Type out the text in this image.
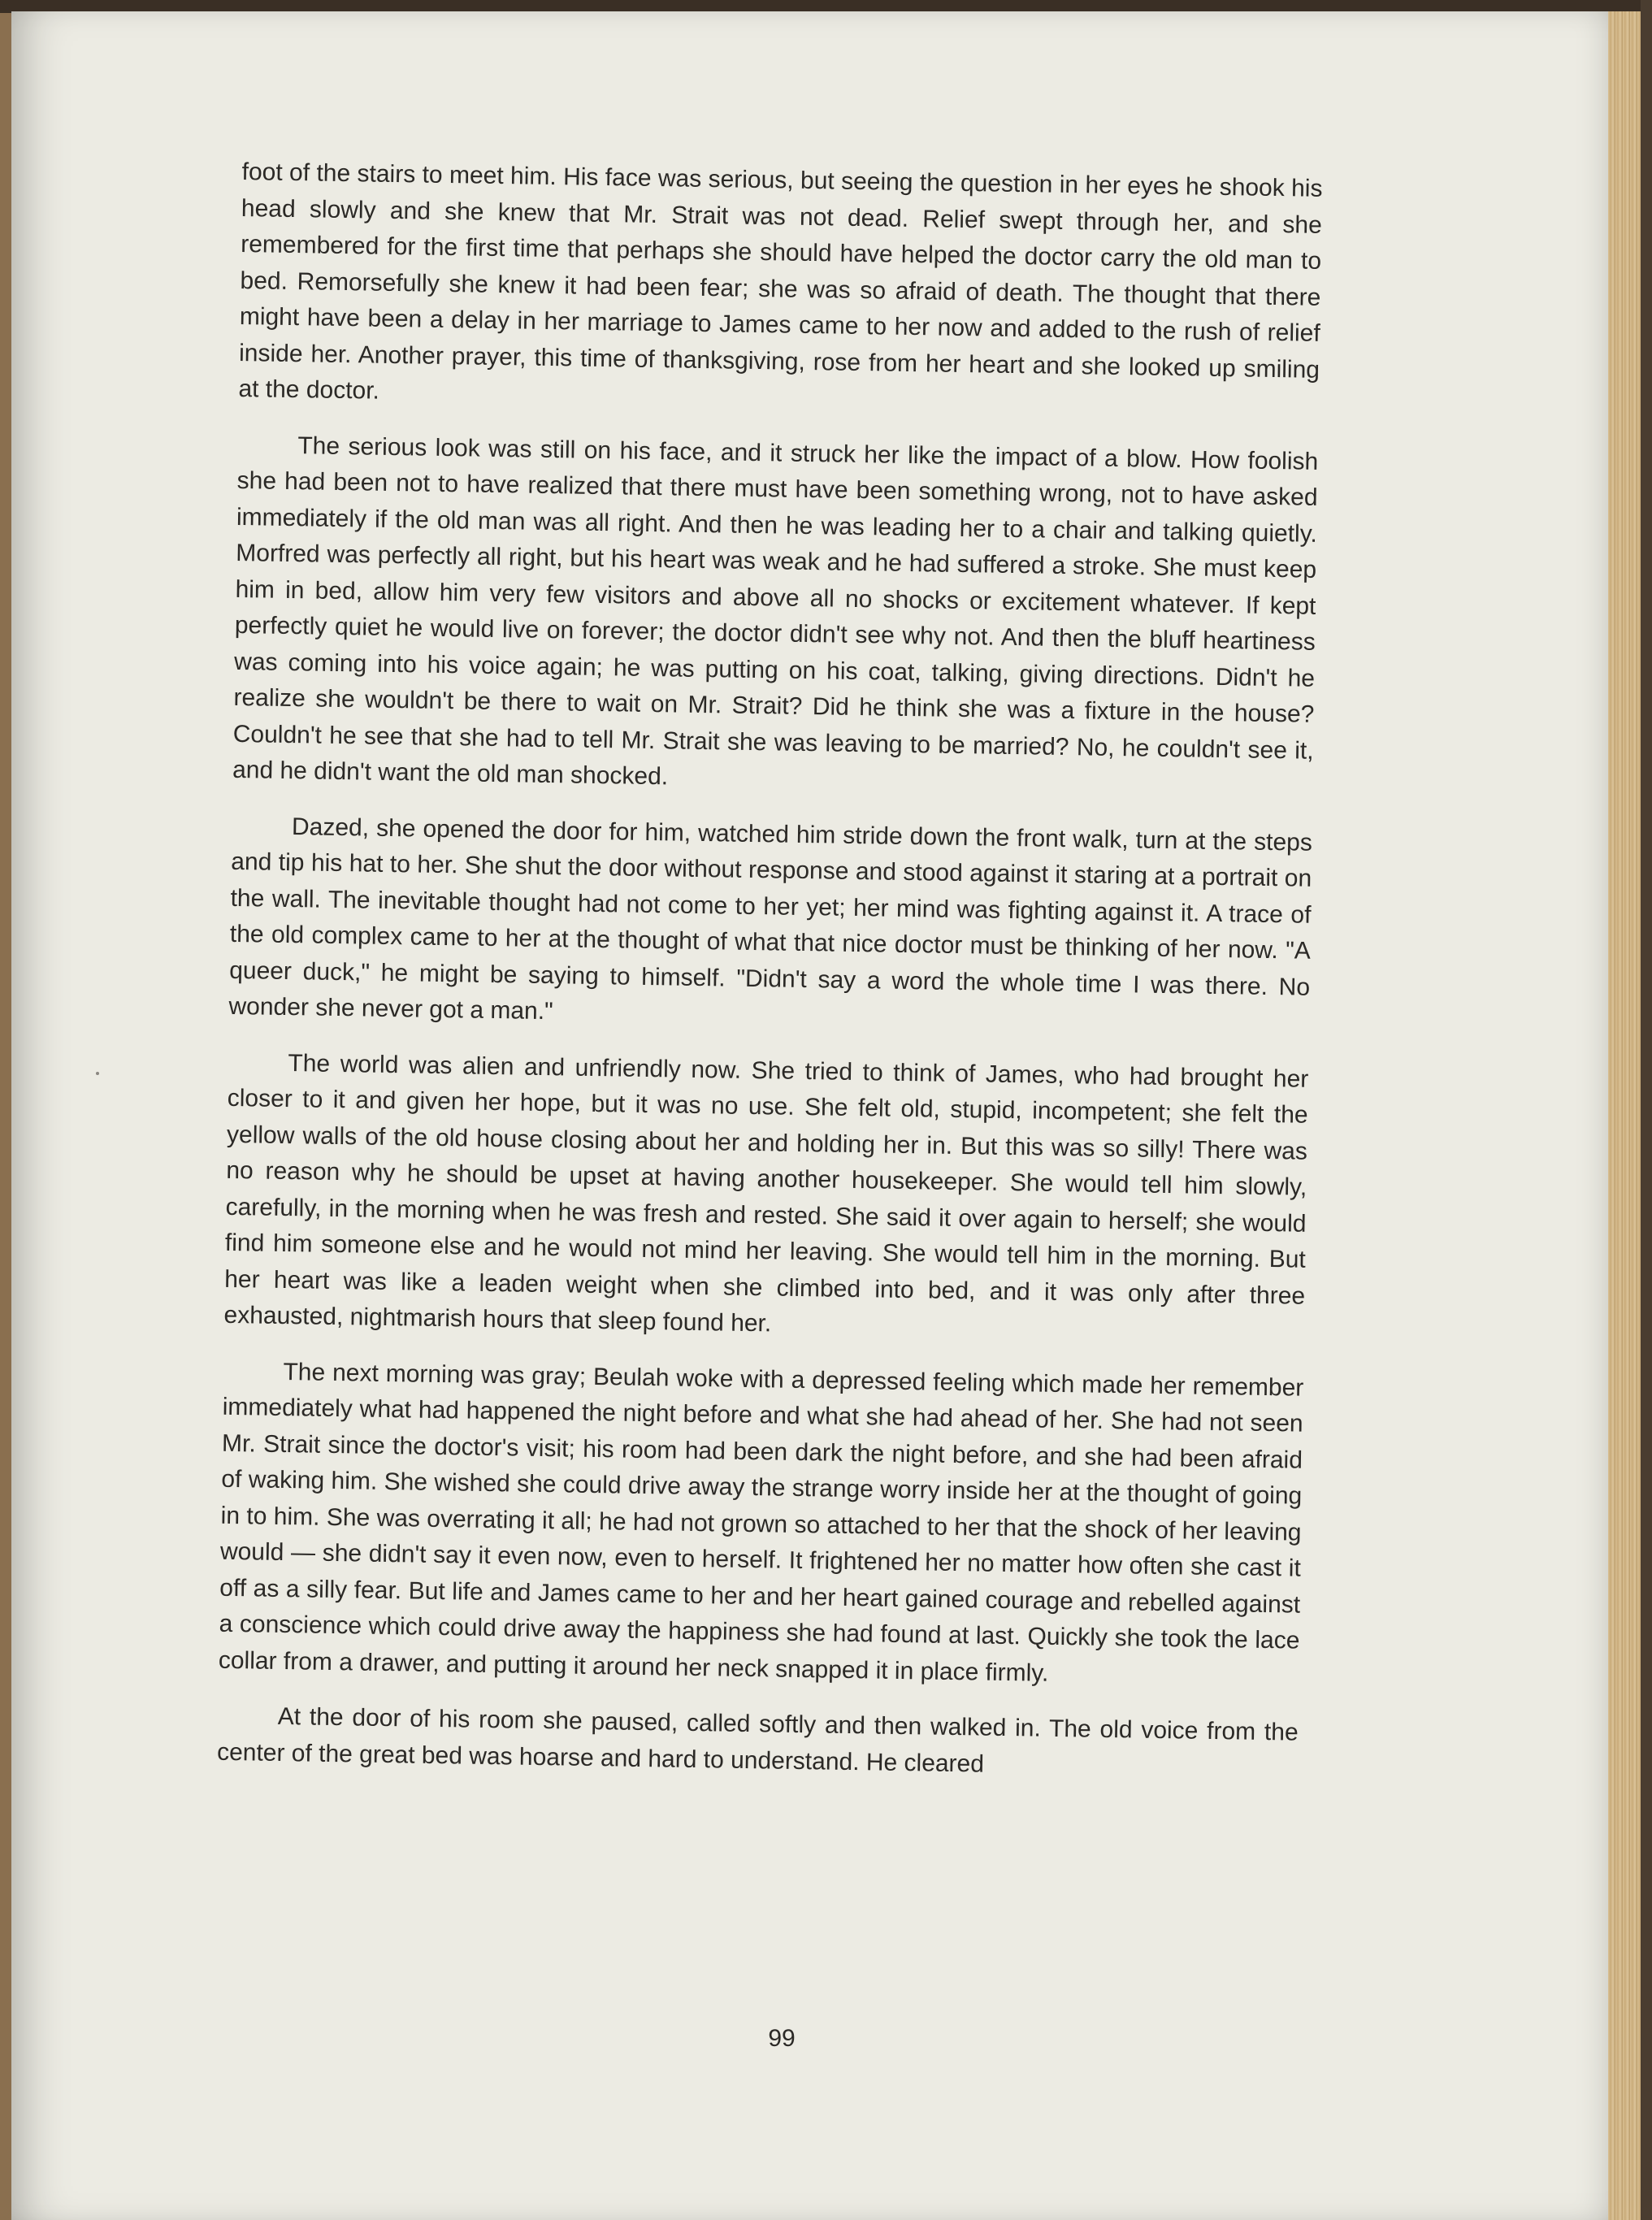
foot of the stairs to meet him. His face was serious, but seeing the question in her eyes he shook his head slowly and she knew that Mr. Strait was not dead. Relief swept through her, and she remembered for the first time that perhaps she should have helped the doctor carry the old man to bed. Remorsefully she knew it had been fear; she was so afraid of death. The thought that there might have been a delay in her marriage to James came to her now and added to the rush of relief inside her. Another prayer, this time of thanksgiving, rose from her heart and she looked up smiling at the doctor.

The serious look was still on his face, and it struck her like the impact of a blow. How foolish she had been not to have realized that there must have been something wrong, not to have asked immediately if the old man was all right. And then he was leading her to a chair and talking quietly. Morfred was perfectly all right, but his heart was weak and he had suffered a stroke. She must keep him in bed, allow him very few visitors and above all no shocks or excitement whatever. If kept perfectly quiet he would live on forever; the doctor didn't see why not. And then the bluff heartiness was coming into his voice again; he was putting on his coat, talking, giving directions. Didn't he realize she wouldn't be there to wait on Mr. Strait? Did he think she was a fixture in the house? Couldn't he see that she had to tell Mr. Strait she was leaving to be married? No, he couldn't see it, and he didn't want the old man shocked.

Dazed, she opened the door for him, watched him stride down the front walk, turn at the steps and tip his hat to her. She shut the door without response and stood against it staring at a portrait on the wall. The inevitable thought had not come to her yet; her mind was fighting against it. A trace of the old complex came to her at the thought of what that nice doctor must be thinking of her now. "A queer duck," he might be saying to himself. "Didn't say a word the whole time I was there. No wonder she never got a man."

The world was alien and unfriendly now. She tried to think of James, who had brought her closer to it and given her hope, but it was no use. She felt old, stupid, incompetent; she felt the yellow walls of the old house closing about her and holding her in. But this was so silly! There was no reason why he should be upset at having another housekeeper. She would tell him slowly, carefully, in the morning when he was fresh and rested. She said it over again to herself; she would find him someone else and he would not mind her leaving. She would tell him in the morning. But her heart was like a leaden weight when she climbed into bed, and it was only after three exhausted, nightmarish hours that sleep found her.

The next morning was gray; Beulah woke with a depressed feeling which made her remember immediately what had happened the night before and what she had ahead of her. She had not seen Mr. Strait since the doctor's visit; his room had been dark the night before, and she had been afraid of waking him. She wished she could drive away the strange worry inside her at the thought of going in to him. She was overrating it all; he had not grown so attached to her that the shock of her leaving would — she didn't say it even now, even to herself. It frightened her no matter how often she cast it off as a silly fear. But life and James came to her and her heart gained courage and rebelled against a conscience which could drive away the happiness she had found at last. Quickly she took the lace collar from a drawer, and putting it around her neck snapped it in place firmly.

At the door of his room she paused, called softly and then walked in. The old voice from the center of the great bed was hoarse and hard to understand. He cleared

99
